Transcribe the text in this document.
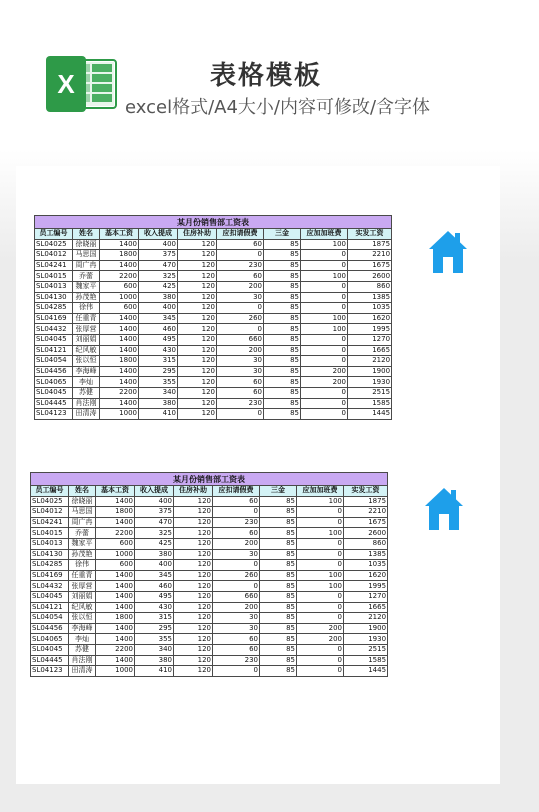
X	表格模板
excel格式/A4大小/内容可修改/含字体
某月份销售部工资表								
员工编号	姓名	基本工资	收入提成	住房补助	应扣请假费	三金	应加加班费	实发工资
SL04025	徐晓丽	1400	400	120	60	85	100	1875
SL04012	马思国	1800	375	120	0	85	0	2210
SL04241	周广冉	1400	470	120	230	85	0	1675
SL04015	乔蕾	2200	325	120	60	85	100	2600
SL04013	魏家平	600	425	120	200	85	0	860
SL04130	孙茂艳	1000	380	120	30	85	0	1385
SL04285	徐伟	600	400	120	0	85	0	1035
SL04169	任重青	1400	345	120	260	85	100	1620
SL04432	张厚营	1400	460	120	0	85	100	1995
SL04045	刘丽娟	1400	495	120	660	85	0	1270
SL04121	纪风敏	1400	430	120	200	85	0	1665
SL04054	张以恒	1800	315	120	30	85	0	2120
SL04456	李海峰	1400	295	120	30	85	200	1900
SL04065	李灿	1400	355	120	60	85	200	1930
SL04045	苏健	2200	340	120	60	85	0	2515
SL04445	肖法刚	1400	380	120	230	85	0	1585
SL04123	田清涛	1000	410	120	0	85	0	1445
某月份销售部工资表								
员工编号	姓名	基本工资	收入提成	住房补助	应扣请假费	三金	应加加班费	实发工资
SL04025	徐晓丽	1400	400	120	60	85	100	1875
SL04012	马思国	1800	375	120	0	85	0	2210
SL04241	周广冉	1400	470	120	230	85	0	1675
SL04015	乔蕾	2200	325	120	60	85	100	2600
SL04013	魏家平	600	425	120	200	85	0	860
SL04130	孙茂艳	1000	380	120	30	85	0	1385
SL04285	徐伟	600	400	120	0	85	0	1035
SL04169	任重青	1400	345	120	260	85	100	1620
SL04432	张厚营	1400	460	120	0	85	100	1995
SL04045	刘丽娟	1400	495	120	660	85	0	1270
SL04121	纪风敏	1400	430	120	200	85	0	1665
SL04054	张以恒	1800	315	120	30	85	0	2120
SL04456	李海峰	1400	295	120	30	85	200	1900
SL04065	李灿	1400	355	120	60	85	200	1930
SL04045	苏健	2200	340	120	60	85	0	2515
SL04445	肖法刚	1400	380	120	230	85	0	1585
SL04123	田清涛	1000	410	120	0	85	0	1445
